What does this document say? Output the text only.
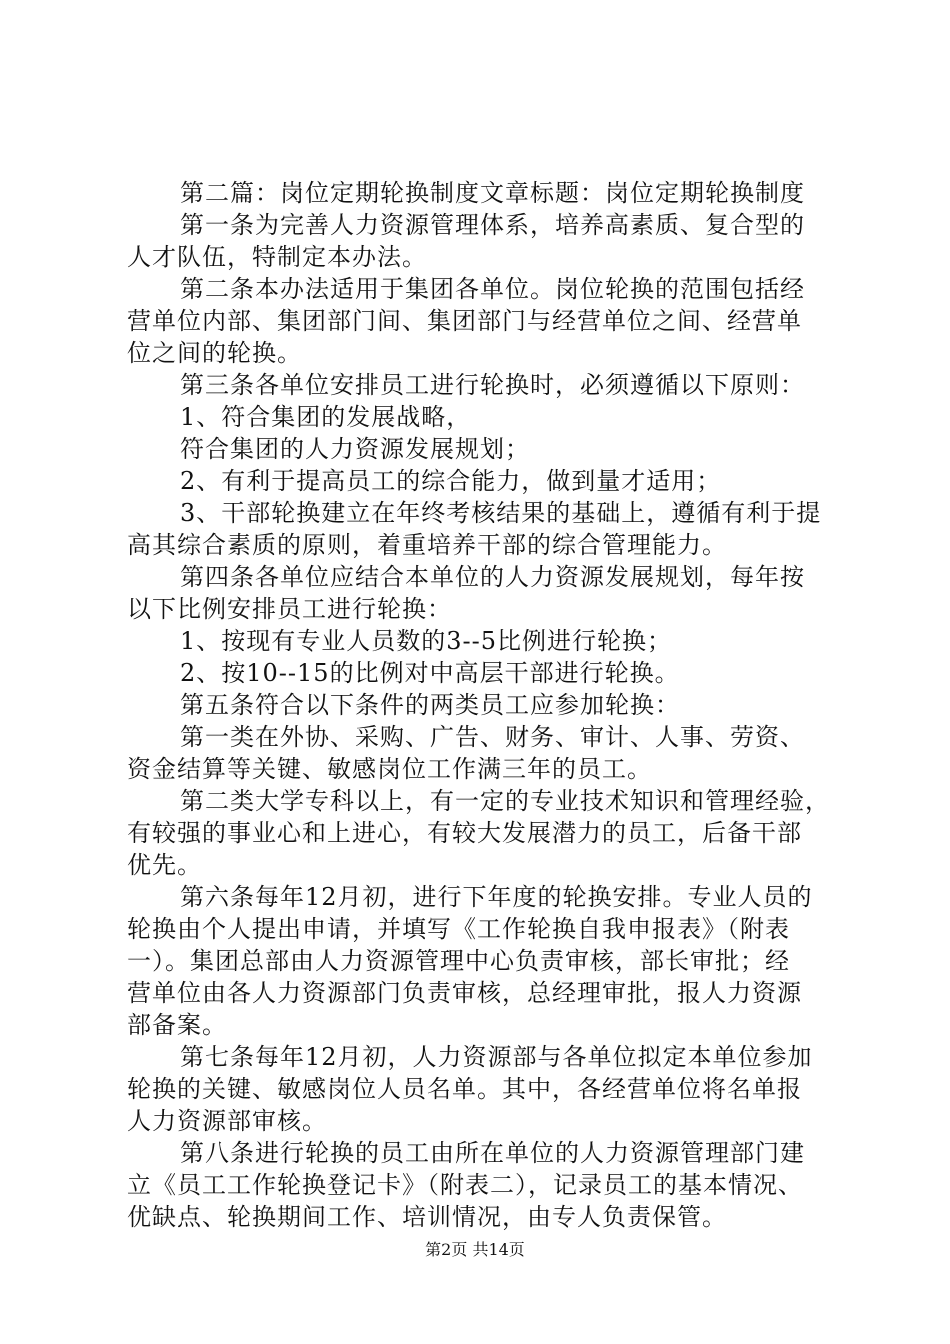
第二篇：岗位定期轮换制度文章标题：岗位定期轮换制度
第一条为完善人力资源管理体系，培养高素质、复合型的
人才队伍，特制定本办法。
第二条本办法适用于集团各单位。岗位轮换的范围包括经
营单位内部、集团部门间、集团部门与经营单位之间、经营单
位之间的轮换。
第三条各单位安排员工进行轮换时，必须遵循以下原则：
1、符合集团的发展战略，
符合集团的人力资源发展规划；
2、有利于提高员工的综合能力，做到量才适用；
3、干部轮换建立在年终考核结果的基础上，遵循有利于提
高其综合素质的原则，着重培养干部的综合管理能力。
第四条各单位应结合本单位的人力资源发展规划，每年按
以下比例安排员工进行轮换：
1、按现有专业人员数的3--5比例进行轮换；
2、按10--15的比例对中高层干部进行轮换。
第五条符合以下条件的两类员工应参加轮换：
第一类在外协、采购、广告、财务、审计、人事、劳资、
资金结算等关键、敏感岗位工作满三年的员工。
第二类大学专科以上，有一定的专业技术知识和管理经验，
有较强的事业心和上进心，有较大发展潜力的员工，后备干部
优先。
第六条每年12月初，进行下年度的轮换安排。专业人员的
轮换由个人提出申请，并填写《工作轮换自我申报表》（附表
一）。集团总部由人力资源管理中心负责审核，部长审批；经
营单位由各人力资源部门负责审核，总经理审批，报人力资源
部备案。
第七条每年12月初，人力资源部与各单位拟定本单位参加
轮换的关键、敏感岗位人员名单。其中，各经营单位将名单报
人力资源部审核。
第八条进行轮换的员工由所在单位的人力资源管理部门建
立《员工工作轮换登记卡》（附表二），记录员工的基本情况、
优缺点、轮换期间工作、培训情况，由专人负责保管。
第2页 共14页
